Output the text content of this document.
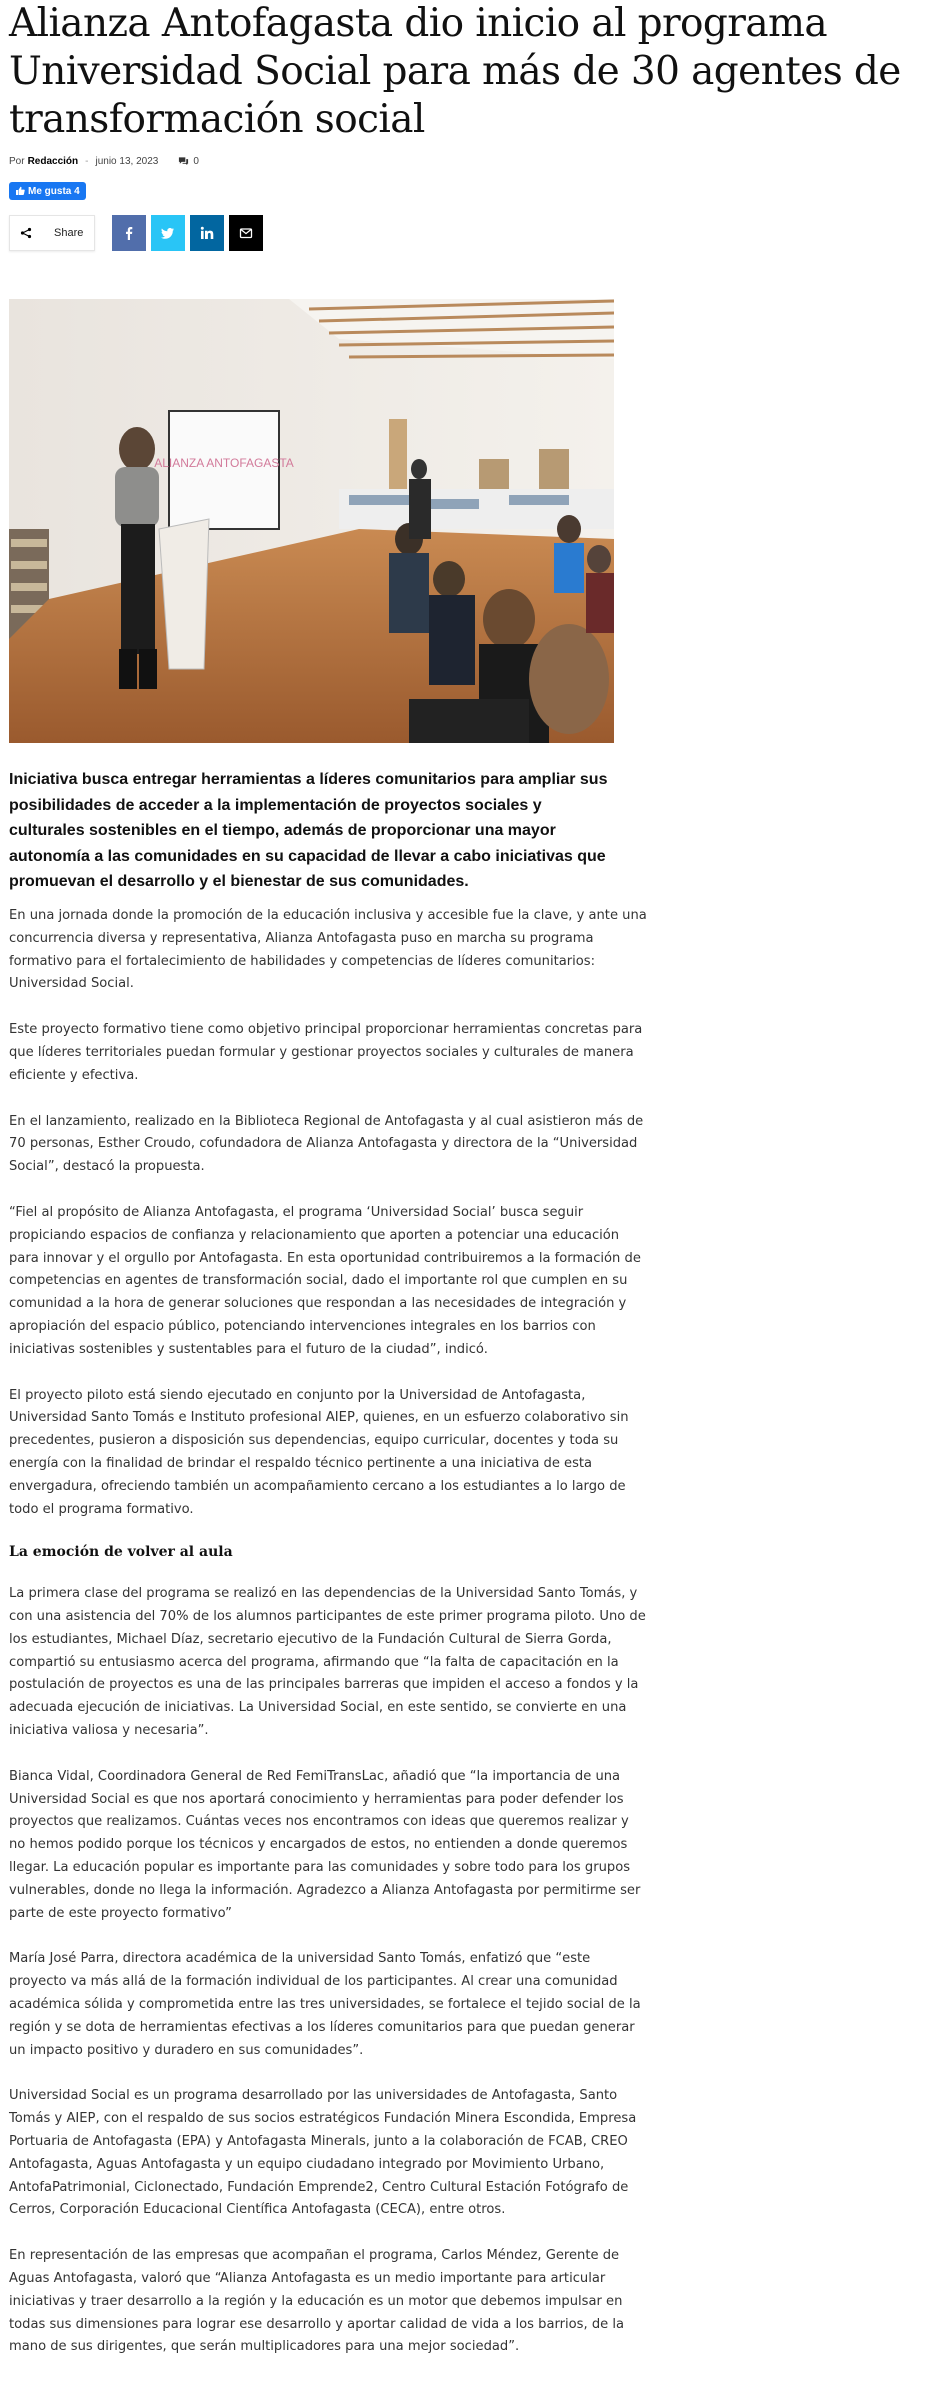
Alianza Antofagasta dio inicio al programa Universidad Social para más de 30 agentes de transformación social
Por Redacción - junio 13, 2023	0
Me gusta 4
Share
ALIANZA ANTOFAGASTA
Iniciativa busca entregar herramientas a líderes comunitarios para ampliar sus posibilidades de acceder a la implementación de proyectos sociales y culturales sostenibles en el tiempo, además de proporcionar una mayor autonomía a las comunidades en su capacidad de llevar a cabo iniciativas que promuevan el desarrollo y el bienestar de sus comunidades.

En una jornada donde la promoción de la educación inclusiva y accesible fue la clave, y ante una concurrencia diversa y representativa, Alianza Antofagasta puso en marcha su programa formativo para el fortalecimiento de habilidades y competencias de líderes comunitarios: Universidad Social.

Este proyecto formativo tiene como objetivo principal proporcionar herramientas concretas para que líderes territoriales puedan formular y gestionar proyectos sociales y culturales de manera eficiente y efectiva.

En el lanzamiento, realizado en la Biblioteca Regional de Antofagasta y al cual asistieron más de 70 personas, Esther Croudo, cofundadora de Alianza Antofagasta y directora de la “Universidad Social”, destacó la propuesta.

“Fiel al propósito de Alianza Antofagasta, el programa ‘Universidad Social’ busca seguir propiciando espacios de confianza y relacionamiento que aporten a potenciar una educación para innovar y el orgullo por Antofagasta. En esta oportunidad contribuiremos a la formación de competencias en agentes de transformación social, dado el importante rol que cumplen en su comunidad a la hora de generar soluciones que respondan a las necesidades de integración y apropiación del espacio público, potenciando intervenciones integrales en los barrios con iniciativas sostenibles y sustentables para el futuro de la ciudad”, indicó.

El proyecto piloto está siendo ejecutado en conjunto por la Universidad de Antofagasta, Universidad Santo Tomás e Instituto profesional AIEP, quienes, en un esfuerzo colaborativo sin precedentes, pusieron a disposición sus dependencias, equipo curricular, docentes y toda su energía con la finalidad de brindar el respaldo técnico pertinente a una iniciativa de esta envergadura, ofreciendo también un acompañamiento cercano a los estudiantes a lo largo de todo el programa formativo.

La emoción de volver al aula

La primera clase del programa se realizó en las dependencias de la Universidad Santo Tomás, y con una asistencia del 70% de los alumnos participantes de este primer programa piloto. Uno de los estudiantes, Michael Díaz, secretario ejecutivo de la Fundación Cultural de Sierra Gorda, compartió su entusiasmo acerca del programa, afirmando que “la falta de capacitación en la postulación de proyectos es una de las principales barreras que impiden el acceso a fondos y la adecuada ejecución de iniciativas. La Universidad Social, en este sentido, se convierte en una iniciativa valiosa y necesaria”.

Bianca Vidal, Coordinadora General de Red FemiTransLac, añadió que “la importancia de una Universidad Social es que nos aportará conocimiento y herramientas para poder defender los proyectos que realizamos. Cuántas veces nos encontramos con ideas que queremos realizar y no hemos podido porque los técnicos y encargados de estos, no entienden a donde queremos llegar. La educación popular es importante para las comunidades y sobre todo para los grupos vulnerables, donde no llega la información. Agradezco a Alianza Antofagasta por permitirme ser parte de este proyecto formativo”

María José Parra, directora académica de la universidad Santo Tomás, enfatizó que “este proyecto va más allá de la formación individual de los participantes. Al crear una comunidad académica sólida y comprometida entre las tres universidades, se fortalece el tejido social de la región y se dota de herramientas efectivas a los líderes comunitarios para que puedan generar un impacto positivo y duradero en sus comunidades”.

Universidad Social es un programa desarrollado por las universidades de Antofagasta, Santo Tomás y AIEP, con el respaldo de sus socios estratégicos Fundación Minera Escondida, Empresa Portuaria de Antofagasta (EPA) y Antofagasta Minerals, junto a la colaboración de FCAB, CREO Antofagasta, Aguas Antofagasta y un equipo ciudadano integrado por Movimiento Urbano, AntofaPatrimonial, Ciclonectado, Fundación Emprende2, Centro Cultural Estación Fotógrafo de Cerros, Corporación Educacional Científica Antofagasta (CECA), entre otros.

En representación de las empresas que acompañan el programa, Carlos Méndez, Gerente de Aguas Antofagasta, valoró que “Alianza Antofagasta es un medio importante para articular iniciativas y traer desarrollo a la región y la educación es un motor que debemos impulsar en todas sus dimensiones para lograr ese desarrollo y aportar calidad de vida a los barrios, de la mano de sus dirigentes, que serán multiplicadores para una mejor sociedad”.
